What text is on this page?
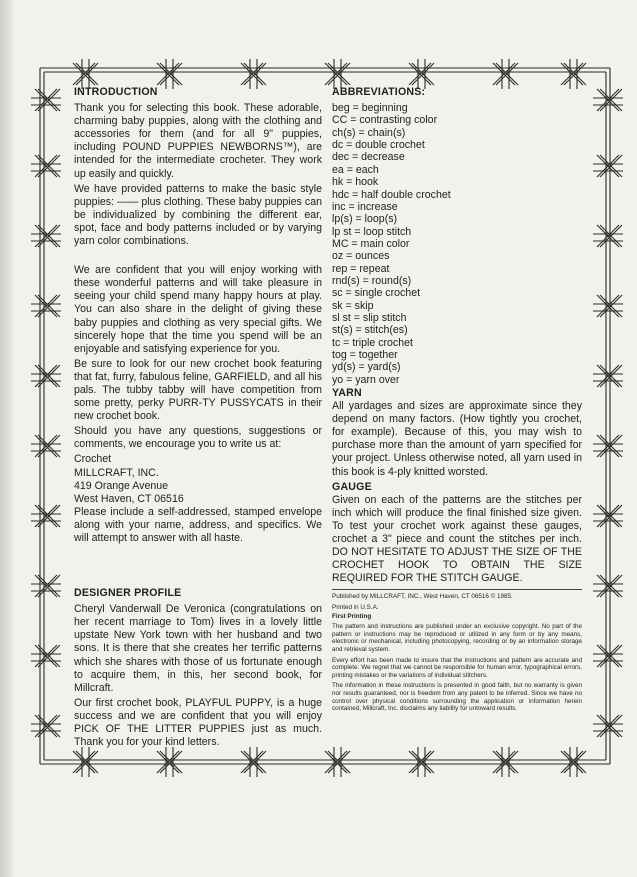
INTRODUCTION

Thank you for selecting this book. These adorable, charming baby puppies, along with the clothing and accessories for them (and for all 9" puppies, including POUND PUPPIES NEWBORNS™), are intended for the intermediate crocheter. They work up easily and quickly.

We have provided patterns to make the basic style puppies: —— plus clothing. These baby puppies can be individualized by combining the different ear, spot, face and body patterns included or by varying yarn color combinations.

We are confident that you will enjoy working with these wonderful patterns and will take pleasure in seeing your child spend many happy hours at play. You can also share in the delight of giving these baby puppies and clothing as very special gifts. We sincerely hope that the time you spend will be an enjoyable and satisfying experience for you.

Be sure to look for our new crochet book featuring that fat, furry, fabulous feline, GARFIELD, and all his pals. The tubby tabby will have competition from some pretty, perky PURR-TY PUSSYCATS in their new crochet book.

Should you have any questions, suggestions or comments, we encourage you to write us at:

Crochet

MILLCRAFT, INC.

419 Orange Avenue

West Haven, CT 06516

Please include a self-addressed, stamped envelope along with your name, address, and specifics. We will attempt to answer with all haste.

DESIGNER PROFILE

Cheryl Vanderwall De Veronica (congratulations on her recent marriage to Tom) lives in a lovely little upstate New York town with her husband and two sons. It is there that she creates her terrific patterns which she shares with those of us fortunate enough to acquire them, in this, her second book, for Millcraft.

Our first crochet book, PLAYFUL PUPPY, is a huge success and we are confident that you will enjoy PICK OF THE LITTER PUPPIES just as much. Thank you for your kind letters.

ABBREVIATIONS:

beg = beginning

CC = contrasting color

ch(s) = chain(s)

dc = double crochet

dec = decrease

ea = each

hk = hook

hdc = half double crochet

inc = increase

lp(s) = loop(s)

lp st = loop stitch

MC = main color

oz = ounces

rep = repeat

rnd(s) = round(s)

sc = single crochet

sk = skip

sl st = slip stitch

st(s) = stitch(es)

tc = triple crochet

tog = together

yd(s) = yard(s)

yo = yarn over

YARN

All yardages and sizes are approximate since they depend on many factors. (How tightly you crochet, for example). Because of this, you may wish to purchase more than the amount of yarn specified for your project. Unless otherwise noted, all yarn used in this book is 4-ply knitted worsted.

GAUGE

Given on each of the patterns are the stitches per inch which will produce the final finished size given. To test your crochet work against these gauges, crochet a 3" piece and count the stitches per inch. DO NOT HESITATE TO ADJUST THE SIZE OF THE CROCHET HOOK TO OBTAIN THE SIZE REQUIRED FOR THE STITCH GAUGE.

Published by MILLCRAFT, INC., West Haven, CT 06516 © 1985.

Printed in U.S.A.

First Printing

The pattern and instructions are published under an exclusive copyright. No part of the pattern or instructions may be reproduced or utilized in any form or by any means, electronic or mechanical, including photocopying, recording or by an information storage and retrieval system.

Every effort has been made to insure that the instructions and pattern are accurate and complete. We regret that we cannot be responsible for human error, typographical errors, printing mistakes or the variations of individual stitchers.

The information in these instructions is presented in good faith, but no warranty is given nor results guaranteed, nor is freedom from any patent to be inferred. Since we have no control over physical conditions surrounding the application or information herein contained, Millcraft, Inc. disclaims any liability for untoward results.
